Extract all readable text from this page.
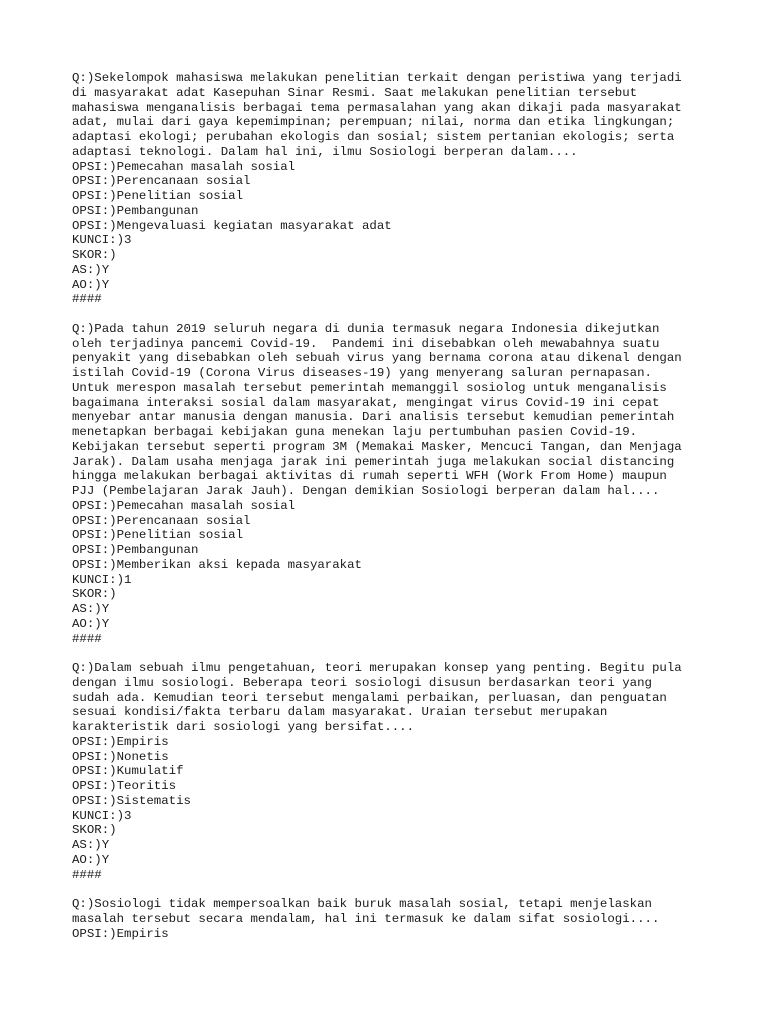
Q:)Sekelompok mahasiswa melakukan penelitian terkait dengan peristiwa yang terjadi
di masyarakat adat Kasepuhan Sinar Resmi. Saat melakukan penelitian tersebut
mahasiswa menganalisis berbagai tema permasalahan yang akan dikaji pada masyarakat
adat, mulai dari gaya kepemimpinan; perempuan; nilai, norma dan etika lingkungan;
adaptasi ekologi; perubahan ekologis dan sosial; sistem pertanian ekologis; serta
adaptasi teknologi. Dalam hal ini, ilmu Sosiologi berperan dalam....
OPSI:)Pemecahan masalah sosial
OPSI:)Perencanaan sosial
OPSI:)Penelitian sosial
OPSI:)Pembangunan
OPSI:)Mengevaluasi kegiatan masyarakat adat
KUNCI:)3
SKOR:)
AS:)Y
AO:)Y
####
Q:)Pada tahun 2019 seluruh negara di dunia termasuk negara Indonesia dikejutkan
oleh terjadinya pancemi Covid-19.  Pandemi ini disebabkan oleh mewabahnya suatu
penyakit yang disebabkan oleh sebuah virus yang bernama corona atau dikenal dengan
istilah Covid-19 (Corona Virus diseases-19) yang menyerang saluran pernapasan.
Untuk merespon masalah tersebut pemerintah memanggil sosiolog untuk menganalisis
bagaimana interaksi sosial dalam masyarakat, mengingat virus Covid-19 ini cepat
menyebar antar manusia dengan manusia. Dari analisis tersebut kemudian pemerintah
menetapkan berbagai kebijakan guna menekan laju pertumbuhan pasien Covid-19.
Kebijakan tersebut seperti program 3M (Memakai Masker, Mencuci Tangan, dan Menjaga
Jarak). Dalam usaha menjaga jarak ini pemerintah juga melakukan social distancing
hingga melakukan berbagai aktivitas di rumah seperti WFH (Work From Home) maupun
PJJ (Pembelajaran Jarak Jauh). Dengan demikian Sosiologi berperan dalam hal....
OPSI:)Pemecahan masalah sosial
OPSI:)Perencanaan sosial
OPSI:)Penelitian sosial
OPSI:)Pembangunan
OPSI:)Memberikan aksi kepada masyarakat
KUNCI:)1
SKOR:)
AS:)Y
AO:)Y
####
Q:)Dalam sebuah ilmu pengetahuan, teori merupakan konsep yang penting. Begitu pula
dengan ilmu sosiologi. Beberapa teori sosiologi disusun berdasarkan teori yang
sudah ada. Kemudian teori tersebut mengalami perbaikan, perluasan, dan penguatan
sesuai kondisi/fakta terbaru dalam masyarakat. Uraian tersebut merupakan
karakteristik dari sosiologi yang bersifat....
OPSI:)Empiris
OPSI:)Nonetis
OPSI:)Kumulatif
OPSI:)Teoritis
OPSI:)Sistematis
KUNCI:)3
SKOR:)
AS:)Y
AO:)Y
####
Q:)Sosiologi tidak mempersoalkan baik buruk masalah sosial, tetapi menjelaskan
masalah tersebut secara mendalam, hal ini termasuk ke dalam sifat sosiologi....
OPSI:)Empiris
